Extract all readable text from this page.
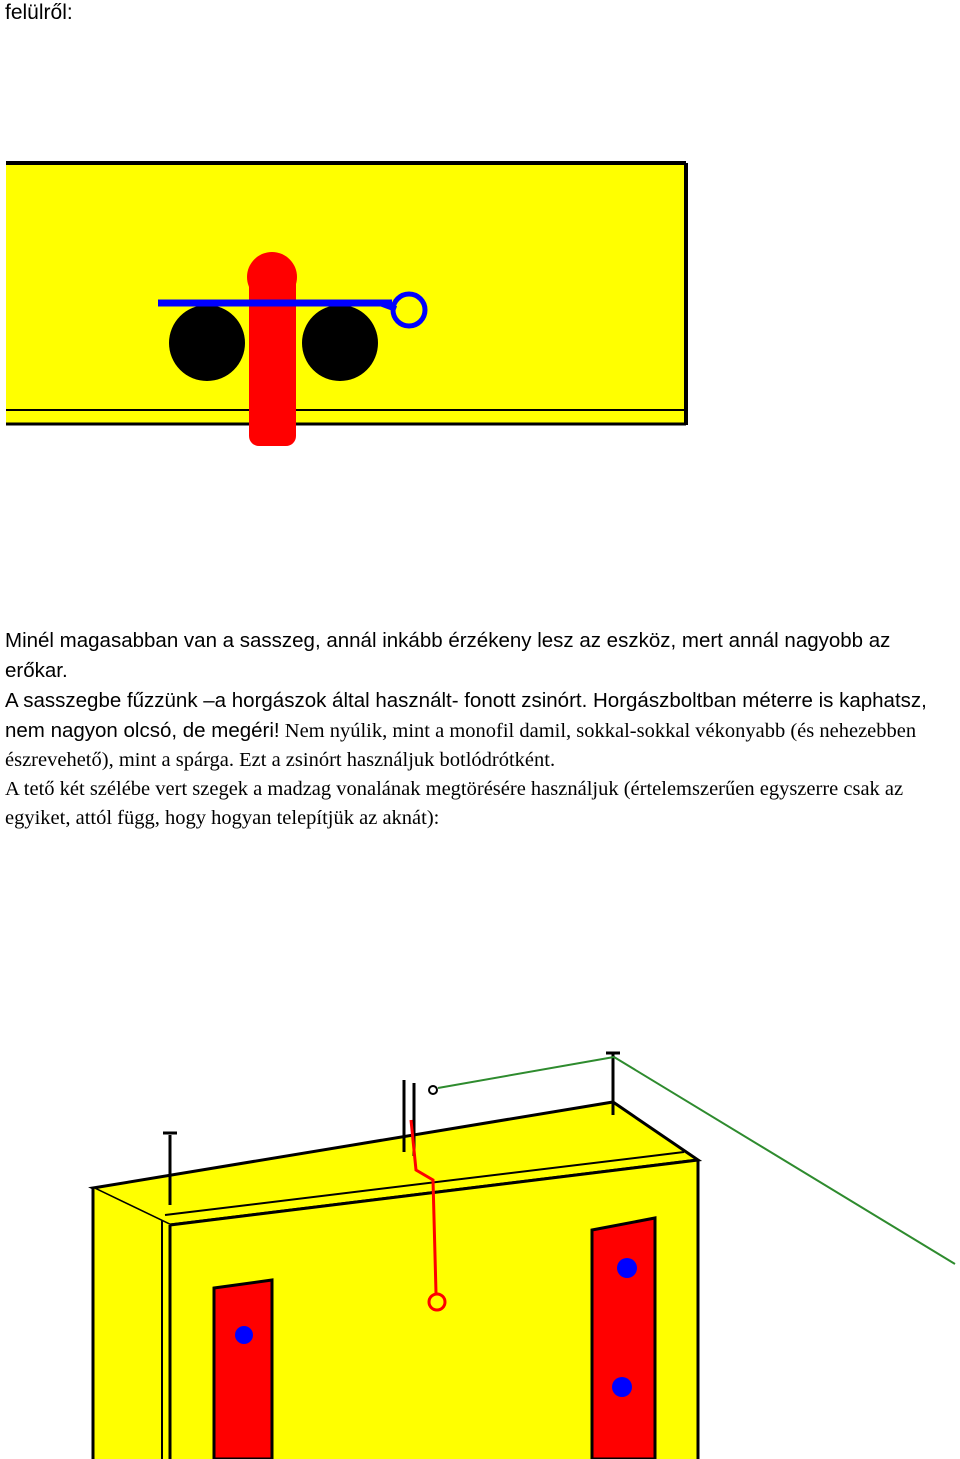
felülről:

Minél magasabban van a sasszeg, annál inkább érzékeny lesz az eszköz, mert annál nagyobb az erőkar.

A sasszegbe fűzzünk –a horgászok által használt- fonott zsinórt. Horgászboltban méterre is kaphatsz, nem nagyon olcsó, de megéri! Nem nyúlik, mint a monofil damil, sokkal-sokkal vékonyabb (és nehezebben észrevehető), mint a spárga. Ezt a zsinórt használjuk botlódrótként.

A tető két szélébe vert szegek a madzag vonalának megtörésére használjuk (értelemszerűen egyszerre csak az egyiket, attól függ, hogy hogyan telepítjük az aknát):
